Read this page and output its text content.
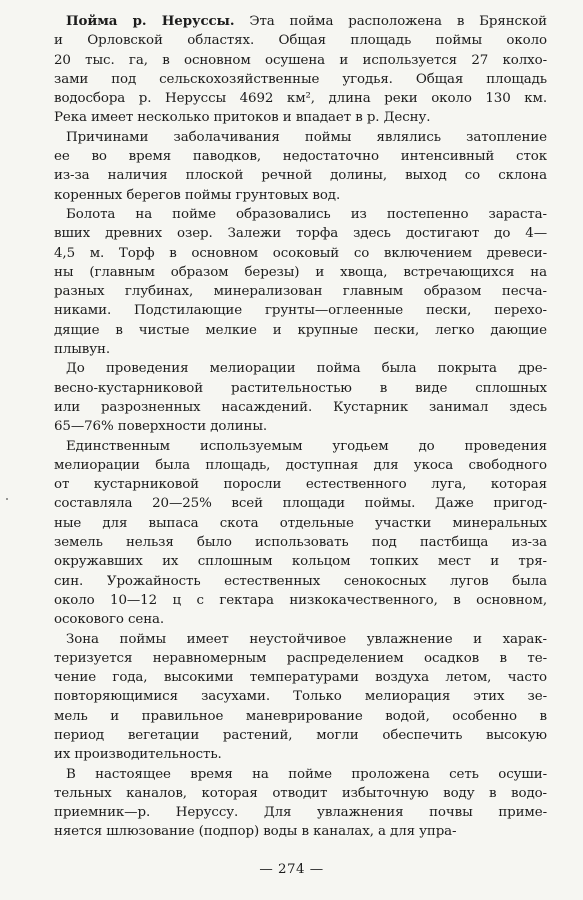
Пойма р. Нерусcы. Эта пойма расположена в Брянской
и Орловской областях. Общая площадь поймы около
20 тыс. га, в основном осушена и используется 27 колхо-
зами под сельскохозяйственные угодья. Общая площадь
водосбора р. Нерусcы 4692 км², длина реки около 130 км.
Река имеет несколько притоков и впадает в р. Десну.
Причинами заболачивания поймы являлись затопление
ее во время паводков, недостаточно интенсивный сток
из-за наличия плоской речной долины, выход со склона
коренных берегов поймы грунтовых вод.
Болота на пойме образовались из постепенно зараста-
вших древних озер. Залежи торфа здесь достигают до 4—
4,5 м. Торф в основном осоковый со включением древеси-
ны (главным образом березы) и хвоща, встречающихся на
разных глубинах, минерализован главным образом песча-
никами. Подстилающие грунты—оглеенные пески, перехо-
дящие в чистые мелкие и крупные пески, легко дающие
плывун.
До проведения мелиорации пойма была покрыта дре-
весно-кустарниковой растительностью в виде сплошных
или разрозненных насаждений. Кустарник занимал здесь
65—76% поверхности долины.
Единственным используемым угодьем до проведения
мелиорации была площадь, доступная для укоса свободного
от кустарниковой поросли естественного луга, которая
составляла 20—25% всей площади поймы. Даже пригод-
ные для выпаса скота отдельные участки минеральных
земель нельзя было использовать под пастбища из-за
окружавших их сплошным кольцом топких мест и тря-
син. Урожайность естественных сенокосных лугов была
около 10—12 ц с гектара низкокачественного, в основном,
осокового сена.
Зона поймы имеет неустойчивое увлажнение и харак-
теризуется неравномерным распределением осадков в те-
чение года, высокими температурами воздуха летом, часто
повторяющимися засухами. Только мелиорация этих зе-
мель и правильное маневрирование водой, особенно в
период вегетации растений, могли обеспечить высокую
их производительность.
В настоящее время на пойме проложена сеть осуши-
тельных каналов, которая отводит избыточную воду в водо-
приемник—р. Нерусcу. Для увлажнения почвы приме-
няется шлюзование (подпор) воды в каналах, а для упра-
— 274 —
